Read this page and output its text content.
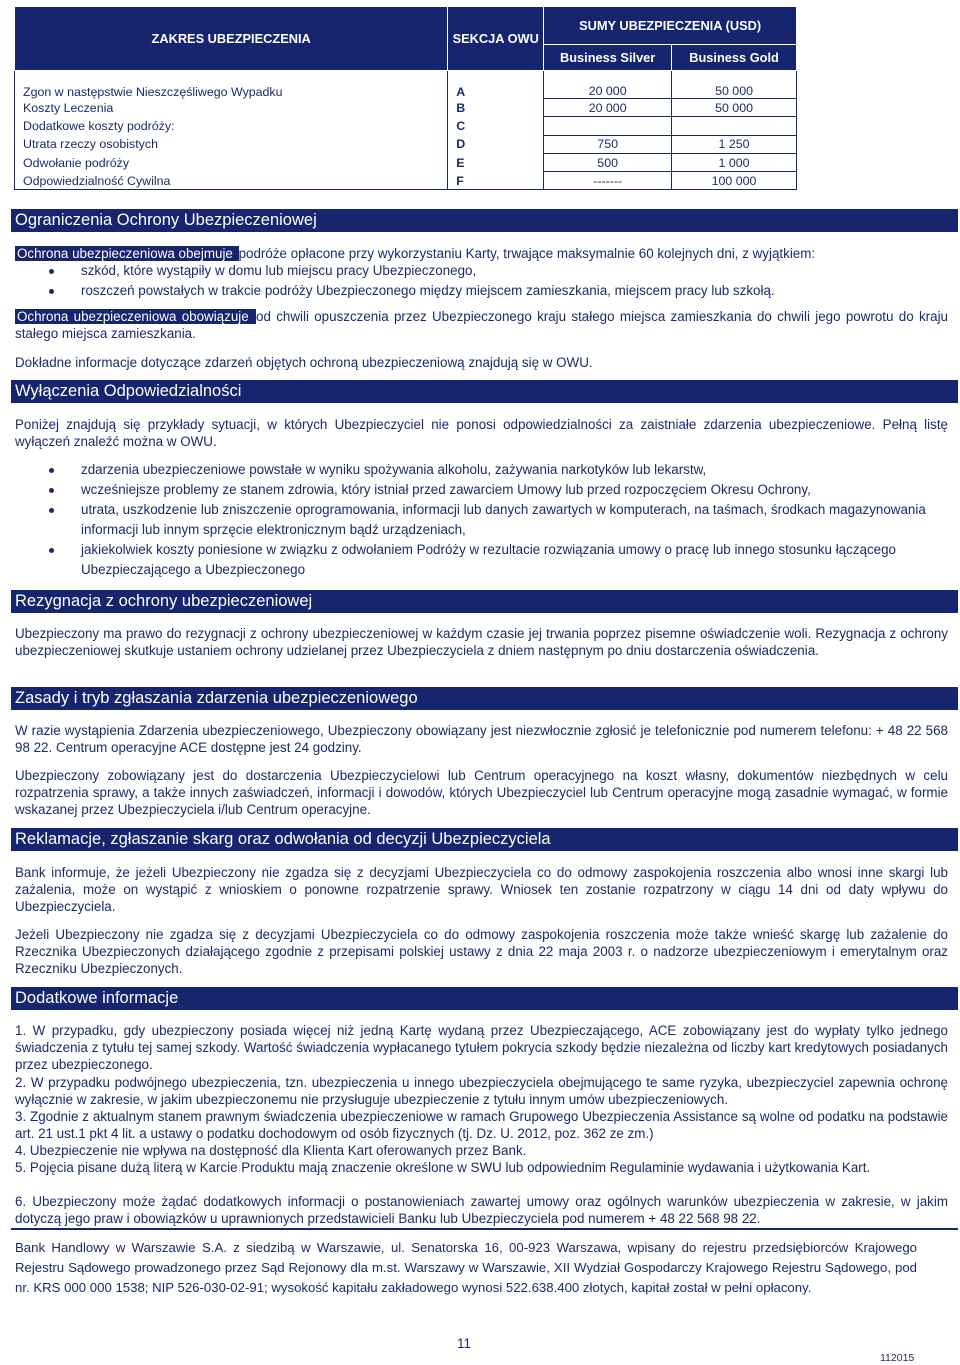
ZAKRES UBEZPIECZENIA	SEKCJA OWU	SUMY UBEZPIECZENIA (USD)	
		Business Silver	Business Gold
Zgon w następstwie Nieszczęśliwego Wypadku	A	20 000	50 000
Koszty Leczenia	B	20 000	50 000
Dodatkowe koszty podróży:	C		
Utrata rzeczy osobistych	D	750	1 250
Odwołanie podróży	E	500	1 000
Odpowiedzialność Cywilna	F	-------	100 000
Ograniczenia Ochrony Ubezpieczeniowej
Ochrona ubezpieczeniowa obejmuje podróże opłacone przy wykorzystaniu Karty, trwające maksymalnie 60 kolejnych dni, z wyjątkiem:
szkód, które wystąpiły w domu lub miejscu pracy Ubezpieczonego,
roszczeń powstałych w trakcie podróży Ubezpieczonego między miejscem zamieszkania, miejscem pracy lub szkołą.
Ochrona ubezpieczeniowa obowiązuje od chwili opuszczenia przez Ubezpieczonego kraju stałego miejsca zamieszkania do chwili jego powrotu do kraju stałego miejsca zamieszkania.
Dokładne informacje dotyczące zdarzeń objętych ochroną ubezpieczeniową znajdują się w OWU.
Wyłączenia Odpowiedzialności
Poniżej znajdują się przykłady sytuacji, w których Ubezpieczyciel nie ponosi odpowiedzialności za zaistniałe zdarzenia ubezpieczeniowe. Pełną listę wyłączeń znaleźć można w OWU.
zdarzenia ubezpieczeniowe powstałe w wyniku spożywania alkoholu, zażywania narkotyków lub lekarstw,
wcześniejsze problemy ze stanem zdrowia, który istniał przed zawarciem Umowy lub przed rozpoczęciem Okresu Ochrony,
utrata, uszkodzenie lub zniszczenie oprogramowania, informacji lub danych zawartych w komputerach, na taśmach, środkach magazynowania informacji lub innym sprzęcie elektronicznym bądź urządzeniach,
jakiekolwiek koszty poniesione w związku z odwołaniem Podróży w rezultacie rozwiązania umowy o pracę lub innego stosunku łączącego Ubezpieczającego a Ubezpieczonego
Rezygnacja z ochrony ubezpieczeniowej
Ubezpieczony ma prawo do rezygnacji z ochrony ubezpieczeniowej w każdym czasie jej trwania poprzez pisemne oświadczenie woli. Rezygnacja z ochrony ubezpieczeniowej skutkuje ustaniem ochrony udzielanej przez Ubezpieczyciela z dniem następnym po dniu dostarczenia oświadczenia.
Zasady i tryb zgłaszania zdarzenia ubezpieczeniowego
W razie wystąpienia Zdarzenia ubezpieczeniowego, Ubezpieczony obowiązany jest niezwłocznie zgłosić je telefonicznie pod numerem telefonu: + 48 22 568 98 22. Centrum operacyjne ACE dostępne jest 24 godziny.
Ubezpieczony zobowiązany jest do dostarczenia Ubezpieczycielowi lub Centrum operacyjnego na koszt własny, dokumentów niezbędnych w celu rozpatrzenia sprawy, a także innych zaświadczeń, informacji i dowodów, których Ubezpieczyciel lub Centrum operacyjne mogą zasadnie wymagać, w formie wskazanej przez Ubezpieczyciela i/lub Centrum operacyjne.
Reklamacje, zgłaszanie skarg oraz odwołania od decyzji Ubezpieczyciela
Bank informuje, że jeżeli Ubezpieczony nie zgadza się z decyzjami Ubezpieczyciela co do odmowy zaspokojenia roszczenia albo wnosi inne skargi lub zażalenia, może on wystąpić z wnioskiem o ponowne rozpatrzenie sprawy. Wniosek ten zostanie rozpatrzony w ciągu 14 dni od daty wpływu do Ubezpieczyciela.
Jeżeli Ubezpieczony nie zgadza się z decyzjami Ubezpieczyciela co do odmowy zaspokojenia roszczenia może także wnieść skargę lub zażalenie do Rzecznika Ubezpieczonych działającego zgodnie z przepisami polskiej ustawy z dnia 22 maja 2003 r. o nadzorze ubezpieczeniowym i emerytalnym oraz Rzeczniku Ubezpieczonych.
Dodatkowe informacje
1. W przypadku, gdy ubezpieczony posiada więcej niż jedną Kartę wydaną przez Ubezpieczającego, ACE zobowiązany jest do wypłaty tylko jednego świadczenia z tytułu tej samej szkody. Wartość świadczenia wypłacanego tytułem pokrycia szkody będzie niezależna od liczby kart kredytowych posiadanych przez ubezpieczonego.
2. W przypadku podwójnego ubezpieczenia, tzn. ubezpieczenia u innego ubezpieczyciela obejmującego te same ryzyka, ubezpieczyciel zapewnia ochronę wyłącznie w zakresie, w jakim ubezpieczonemu nie przysługuje ubezpieczenie z tytułu innym umów ubezpieczeniowych.
3. Zgodnie z aktualnym stanem prawnym świadczenia ubezpieczeniowe w ramach Grupowego Ubezpieczenia Assistance są wolne od podatku na podstawie art. 21 ust.1 pkt 4 lit. a ustawy o podatku dochodowym od osób fizycznych (tj. Dz. U. 2012, poz. 362 ze zm.)
4. Ubezpieczenie nie wpływa na dostępność dla Klienta Kart oferowanych przez Bank.
5. Pojęcia pisane dużą literą w Karcie Produktu mają znaczenie określone w SWU lub odpowiednim Regulaminie wydawania i użytkowania Kart.
6. Ubezpieczony może żądać dodatkowych informacji o postanowieniach zawartej umowy oraz ogólnych warunków ubezpieczenia w zakresie, w jakim dotyczą jego praw i obowiązków u uprawnionych przedstawicieli Banku lub Ubezpieczyciela pod numerem + 48 22 568 98 22.
Bank Handlowy w Warszawie S.A. z siedzibą w Warszawie, ul. Senatorska 16, 00-923 Warszawa, wpisany do rejestru przedsiębiorców Krajowego Rejestru Sądowego prowadzonego przez Sąd Rejonowy dla m.st. Warszawy w Warszawie, XII Wydział Gospodarczy Krajowego Rejestru Sądowego, pod nr. KRS 000 000 1538; NIP 526-030-02-91; wysokość kapitału zakładowego wynosi 522.638.400 złotych, kapitał został w pełni opłacony.
11
112015
